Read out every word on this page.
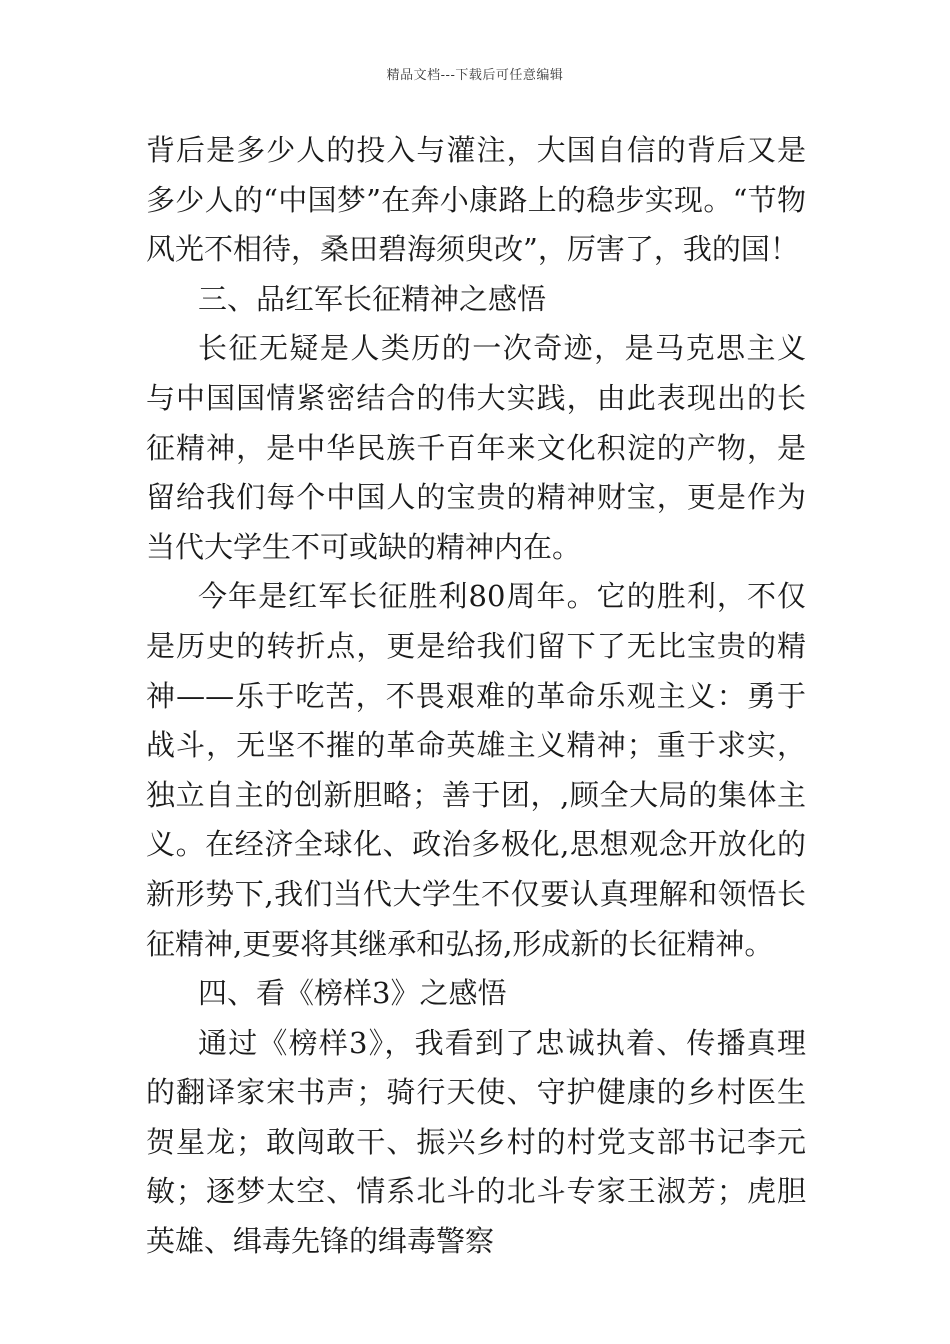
精品文档---下载后可任意编辑

背后是多少人的投入与灌注，大国自信的背后又是多少人的“中国梦”在奔小康路上的稳步实现。“节物风光不相待，桑田碧海须臾改”，厉害了，我的国！

三、品红军长征精神之感悟

长征无疑是人类历的一次奇迹，是马克思主义与中国国情紧密结合的伟大实践，由此表现出的长征精神，是中华民族千百年来文化积淀的产物，是留给我们每个中国人的宝贵的精神财宝，更是作为当代大学生不可或缺的精神内在。

今年是红军长征胜利80周年。它的胜利，不仅是历史的转折点，更是给我们留下了无比宝贵的精神——乐于吃苦，不畏艰难的革命乐观主义：勇于战斗，无坚不摧的革命英雄主义精神；重于求实，独立自主的创新胆略；善于团，,顾全大局的集体主义。在经济全球化、政治多极化,思想观念开放化的新形势下,我们当代大学生不仅要认真理解和领悟长征精神,更要将其继承和弘扬,形成新的长征精神。

四、看《榜样3》之感悟

通过《榜样3》，我看到了忠诚执着、传播真理的翻译家宋书声；骑行天使、守护健康的乡村医生贺星龙；敢闯敢干、振兴乡村的村党支部书记李元敏；逐梦太空、情系北斗的北斗专家王淑芳；虎胆英雄、缉毒先锋的缉毒警察
